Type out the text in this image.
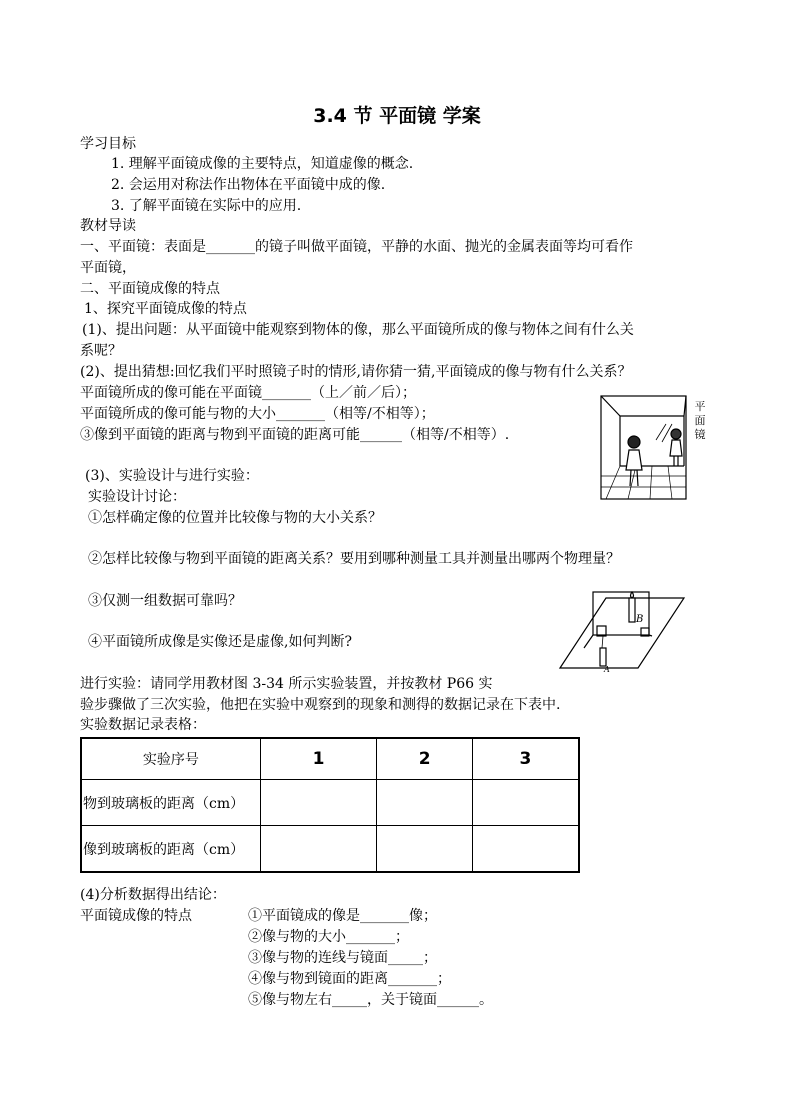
3.4 节 平面镜 学案
学习目标
1. 理解平面镜成像的主要特点，知道虚像的概念.
2. 会运用对称法作出物体在平面镜中成的像.
3. 了解平面镜在实际中的应用.
教材导读
一、平面镜：表面是_______的镜子叫做平面镜，平静的水面、抛光的金属表面等均可看作
平面镜，
二、平面镜成像的特点
1、探究平面镜成像的特点
(1)、提出问题：从平面镜中能观察到物体的像，那么平面镜所成的像与物体之间有什么关
系呢？
(2)、提出猜想:回忆我们平时照镜子时的情形,请你猜一猜,平面镜成的像与物有什么关系？
平面镜所成的像可能在平面镜_______（上／前／后）；
平面镜所成的像可能与物的大小_______（相等/不相等）；
③像到平面镜的距离与物到平面镜的距离可能______（相等/不相等）.
(3)、实验设计与进行实验：
实验设计讨论：
①怎样确定像的位置并比较像与物的大小关系？
②怎样比较像与物到平面镜的距离关系？要用到哪种测量工具并测量出哪两个物理量？
③仅测一组数据可靠吗？
④平面镜所成像是实像还是虚像,如何判断?
进行实验：请同学用教材图 3-34 所示实验装置，并按教材 P66 实
验步骤做了三次实验，他把在实验中观察到的现象和测得的数据记录在下表中.
实验数据记录表格：
实验序号	1	2	3
物到玻璃板的距离（cm）			
像到玻璃板的距离（cm）			
(4)分析数据得出结论：
平面镜成像的特点	①平面镜成的像是_______像；
②像与物的大小_______；
③像与物的连线与镜面_____；
④像与物到镜面的距离_______；
⑤像与物左右_____，关于镜面______。
平
面
镜
B
A
